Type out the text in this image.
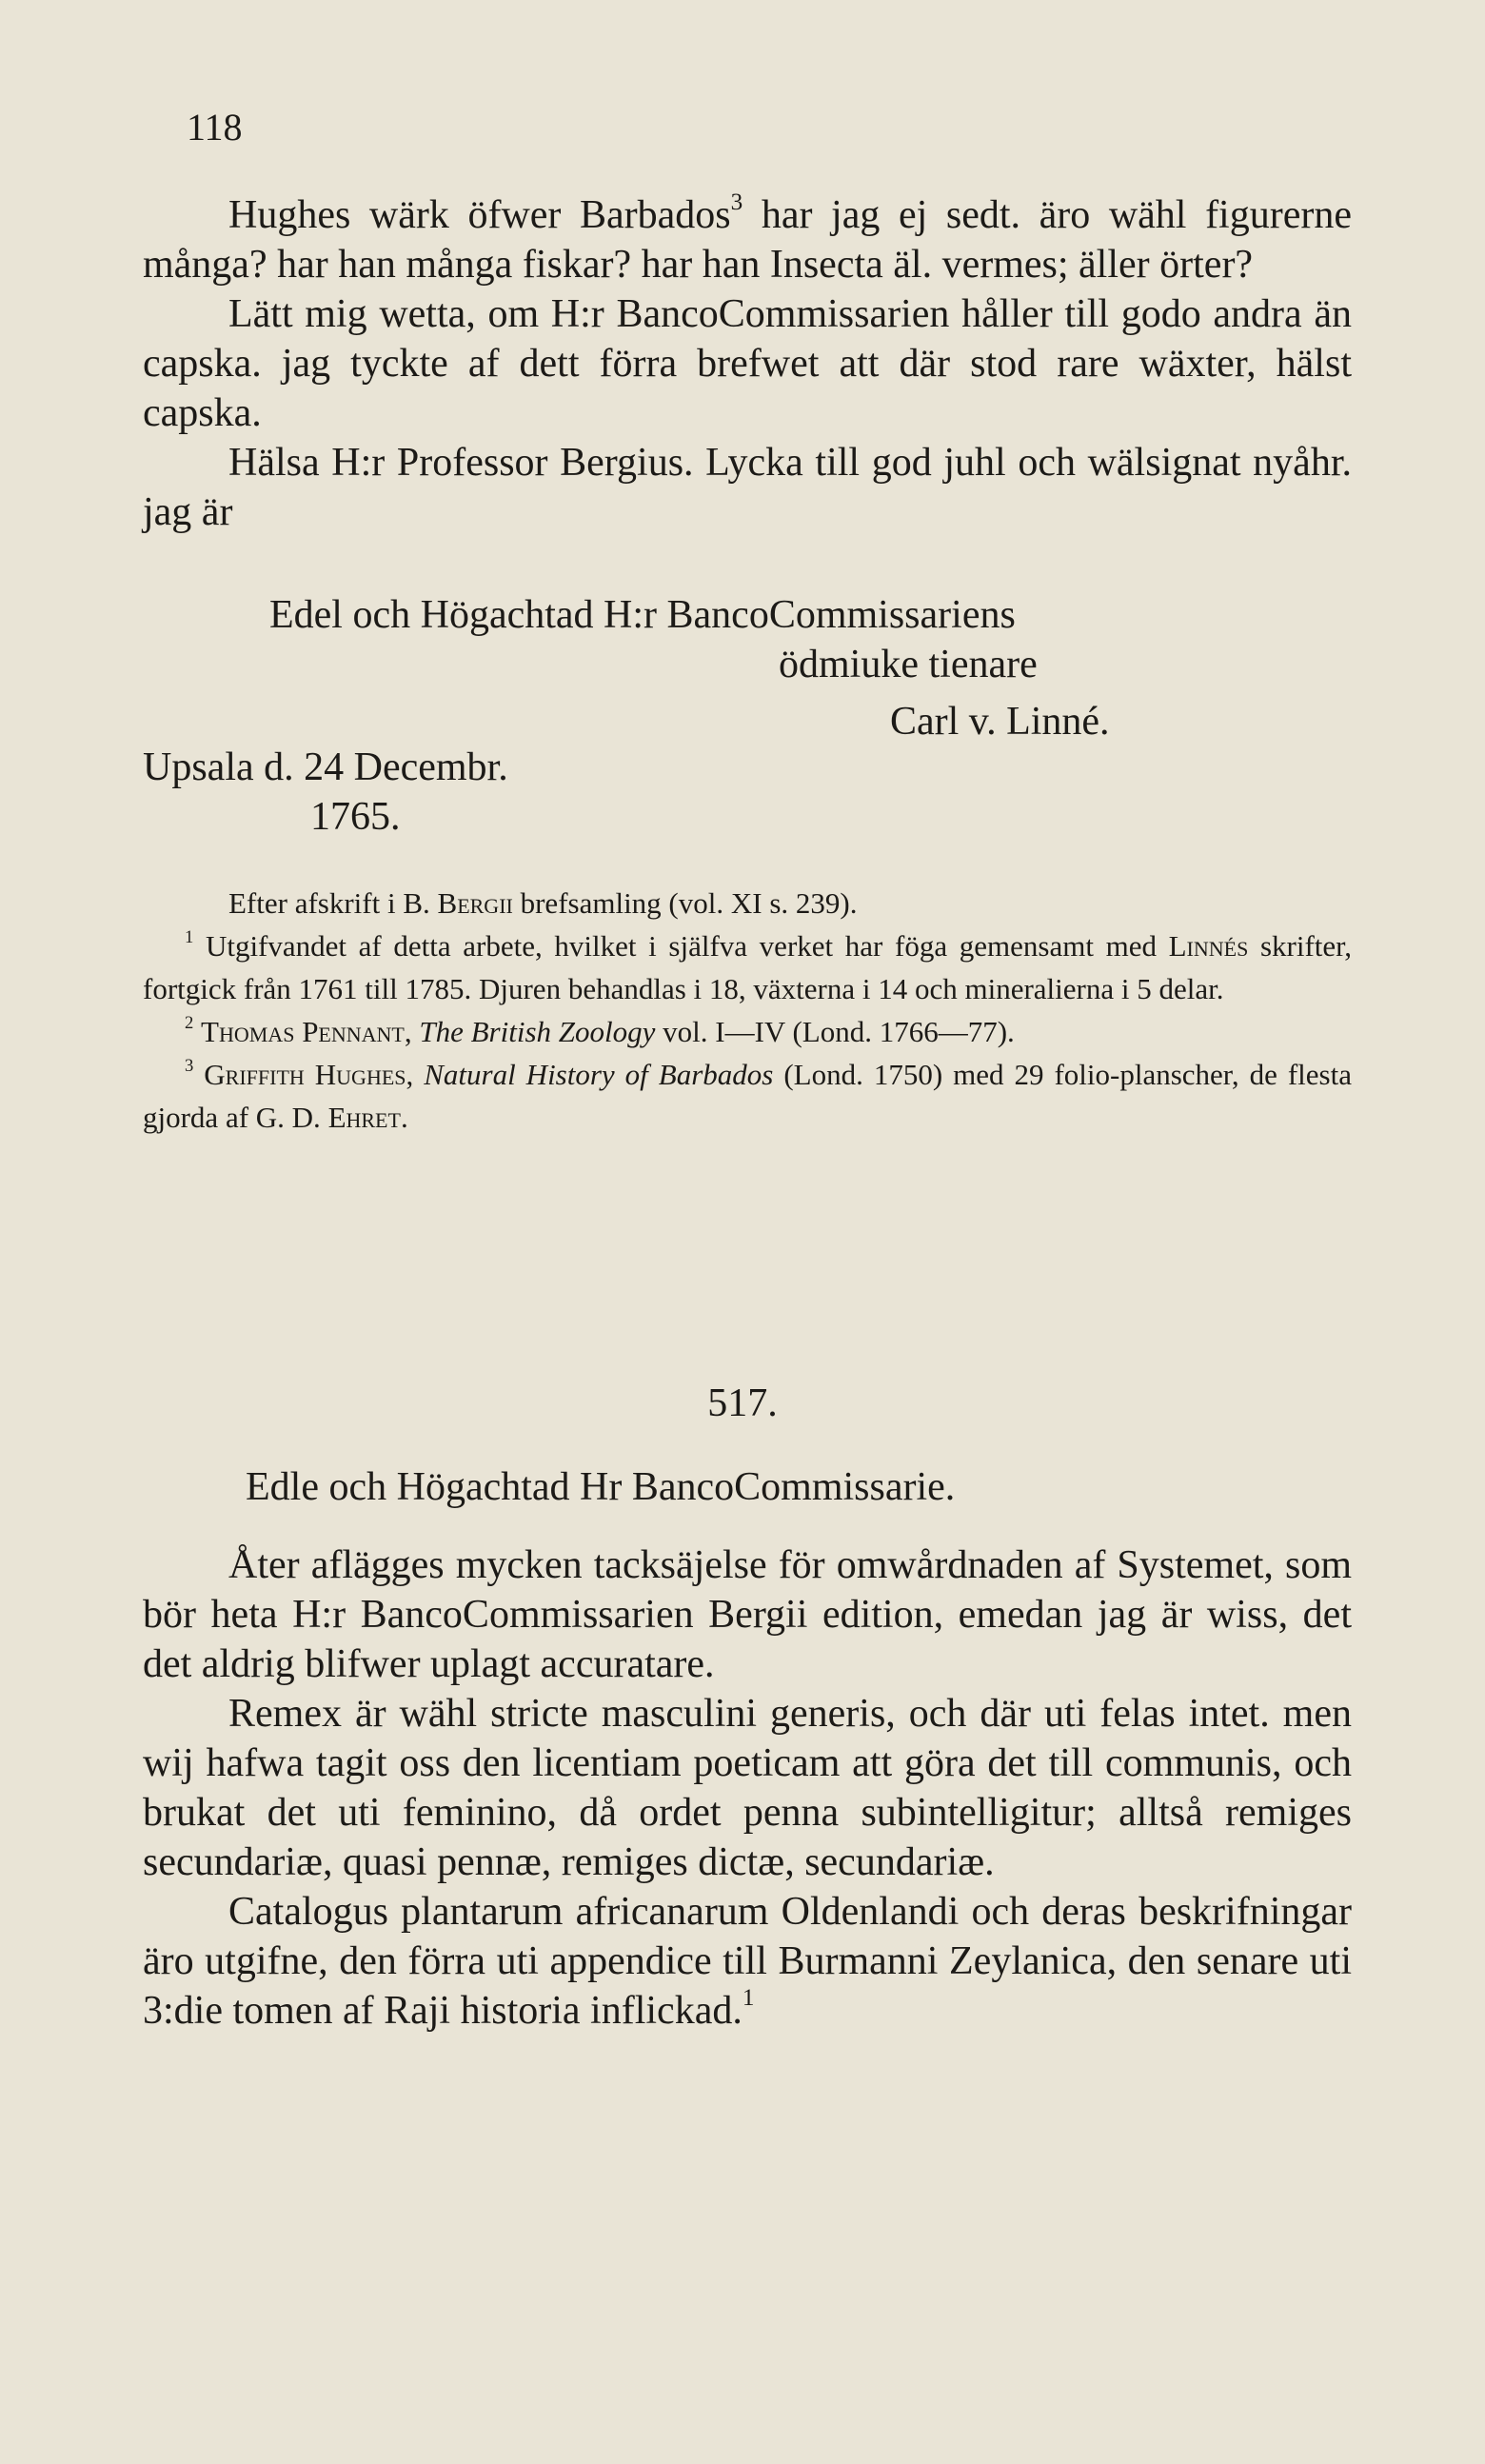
118

Hughes wärk öfwer Barbados$^3$ har jag ej sedt. äro wähl figurerne många? har han många fiskar? har han Insecta äl. vermes; äller örter?

Lätt mig wetta, om H:r BancoCommissarien håller till godo andra än capska. jag tyckte af dett förra brefwet att där stod rare wäxter, hälst capska.

Hälsa H:r Professor Bergius. Lycka till god juhl och wälsignat nyåhr. jag är

Edel och Högachtad H:r BancoCommissariens
ödmiuke tienare
Carl v. Linné.
Upsala d. 24 Decembr.
1765.

Efter afskrift i B. Bergii brefsamling (vol. XI s. 239).

$^1$ Utgifvandet af detta arbete, hvilket i själfva verket har föga gemensamt med Linnés skrifter, fortgick från 1761 till 1785. Djuren behandlas i 18, växterna i 14 och mineralierna i 5 delar.

$^2$ Thomas Pennant, The British Zoology vol. I—IV (Lond. 1766—77).

$^3$ Griffith Hughes, Natural History of Barbados (Lond. 1750) med 29 folio-planscher, de flesta gjorda af G. D. Ehret.

517.
Edle och Högachtad Hr BancoCommissarie.

Åter aflägges mycken tacksäjelse för omwårdnaden af Systemet, som bör heta H:r BancoCommissarien Bergii edition, emedan jag är wiss, det det aldrig blifwer uplagt accuratare.

Remex är wähl stricte masculini generis, och där uti felas intet. men wij hafwa tagit oss den licentiam poeticam att göra det till communis, och brukat det uti feminino, då ordet penna subintelligitur; alltså remiges secundariæ, quasi pennæ, remiges dictæ, secundariæ.

Catalogus plantarum africanarum Oldenlandi och deras beskrifningar äro utgifne, den förra uti appendice till Burmanni Zeylanica, den senare uti 3:die tomen af Raji historia inflickad.$^1$
